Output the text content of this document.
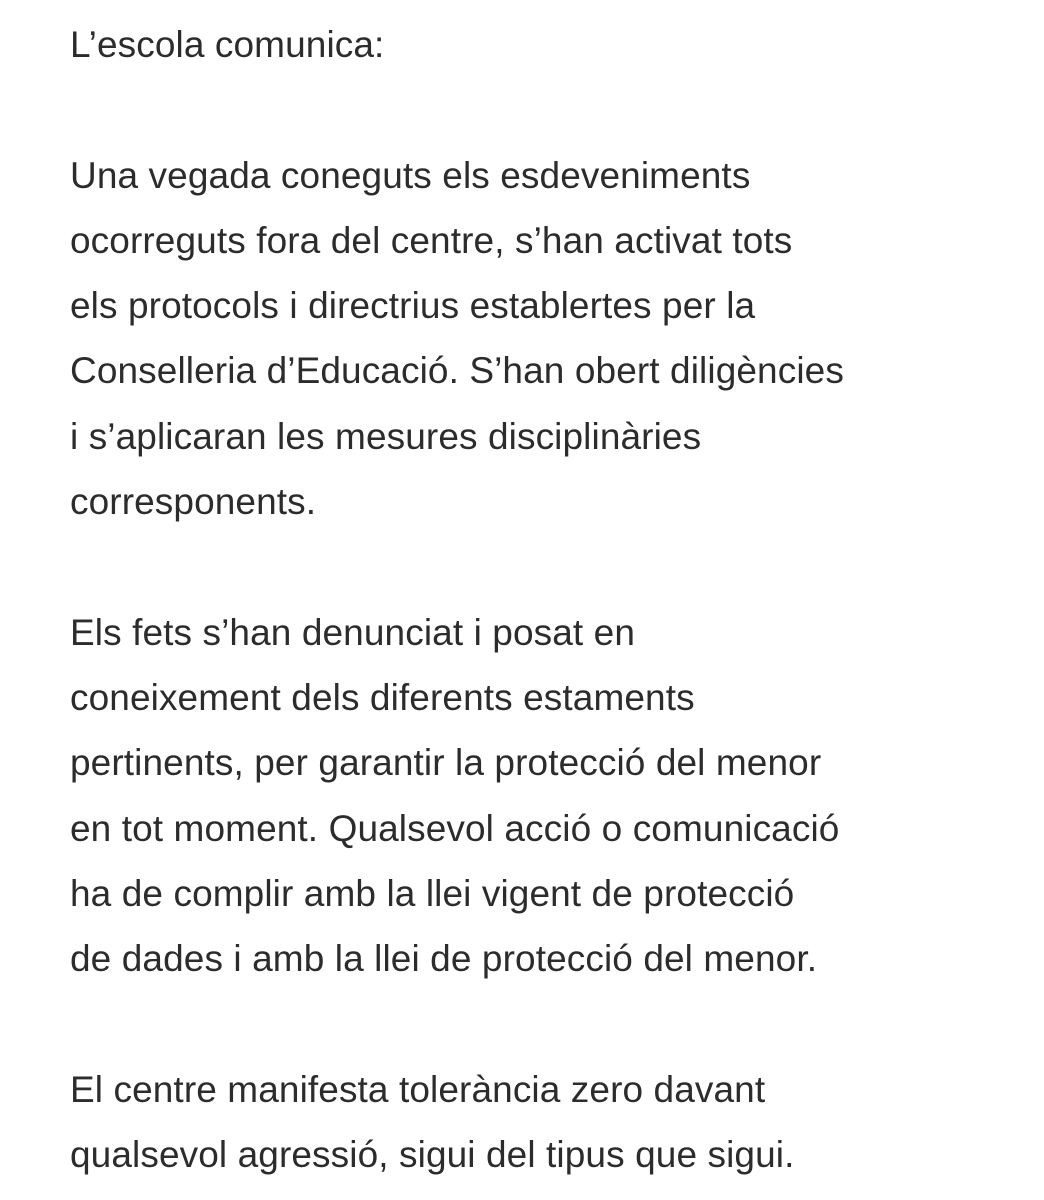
L’escola comunica:
Una vegada coneguts els esdeveniments
ocorreguts fora del centre, s’han activat tots
els protocols i directrius establertes per la
Conselleria d’Educació. S’han obert diligències
i s’aplicaran les mesures disciplinàries
corresponents.
Els fets s’han denunciat i posat en
coneixement dels diferents estaments
pertinents, per garantir la protecció del menor
en tot moment. Qualsevol acció o comunicació
ha de complir amb la llei vigent de protecció
de dades i amb la llei de protecció del menor.
El centre manifesta tolerància zero davant
qualsevol agressió, sigui del tipus que sigui.
